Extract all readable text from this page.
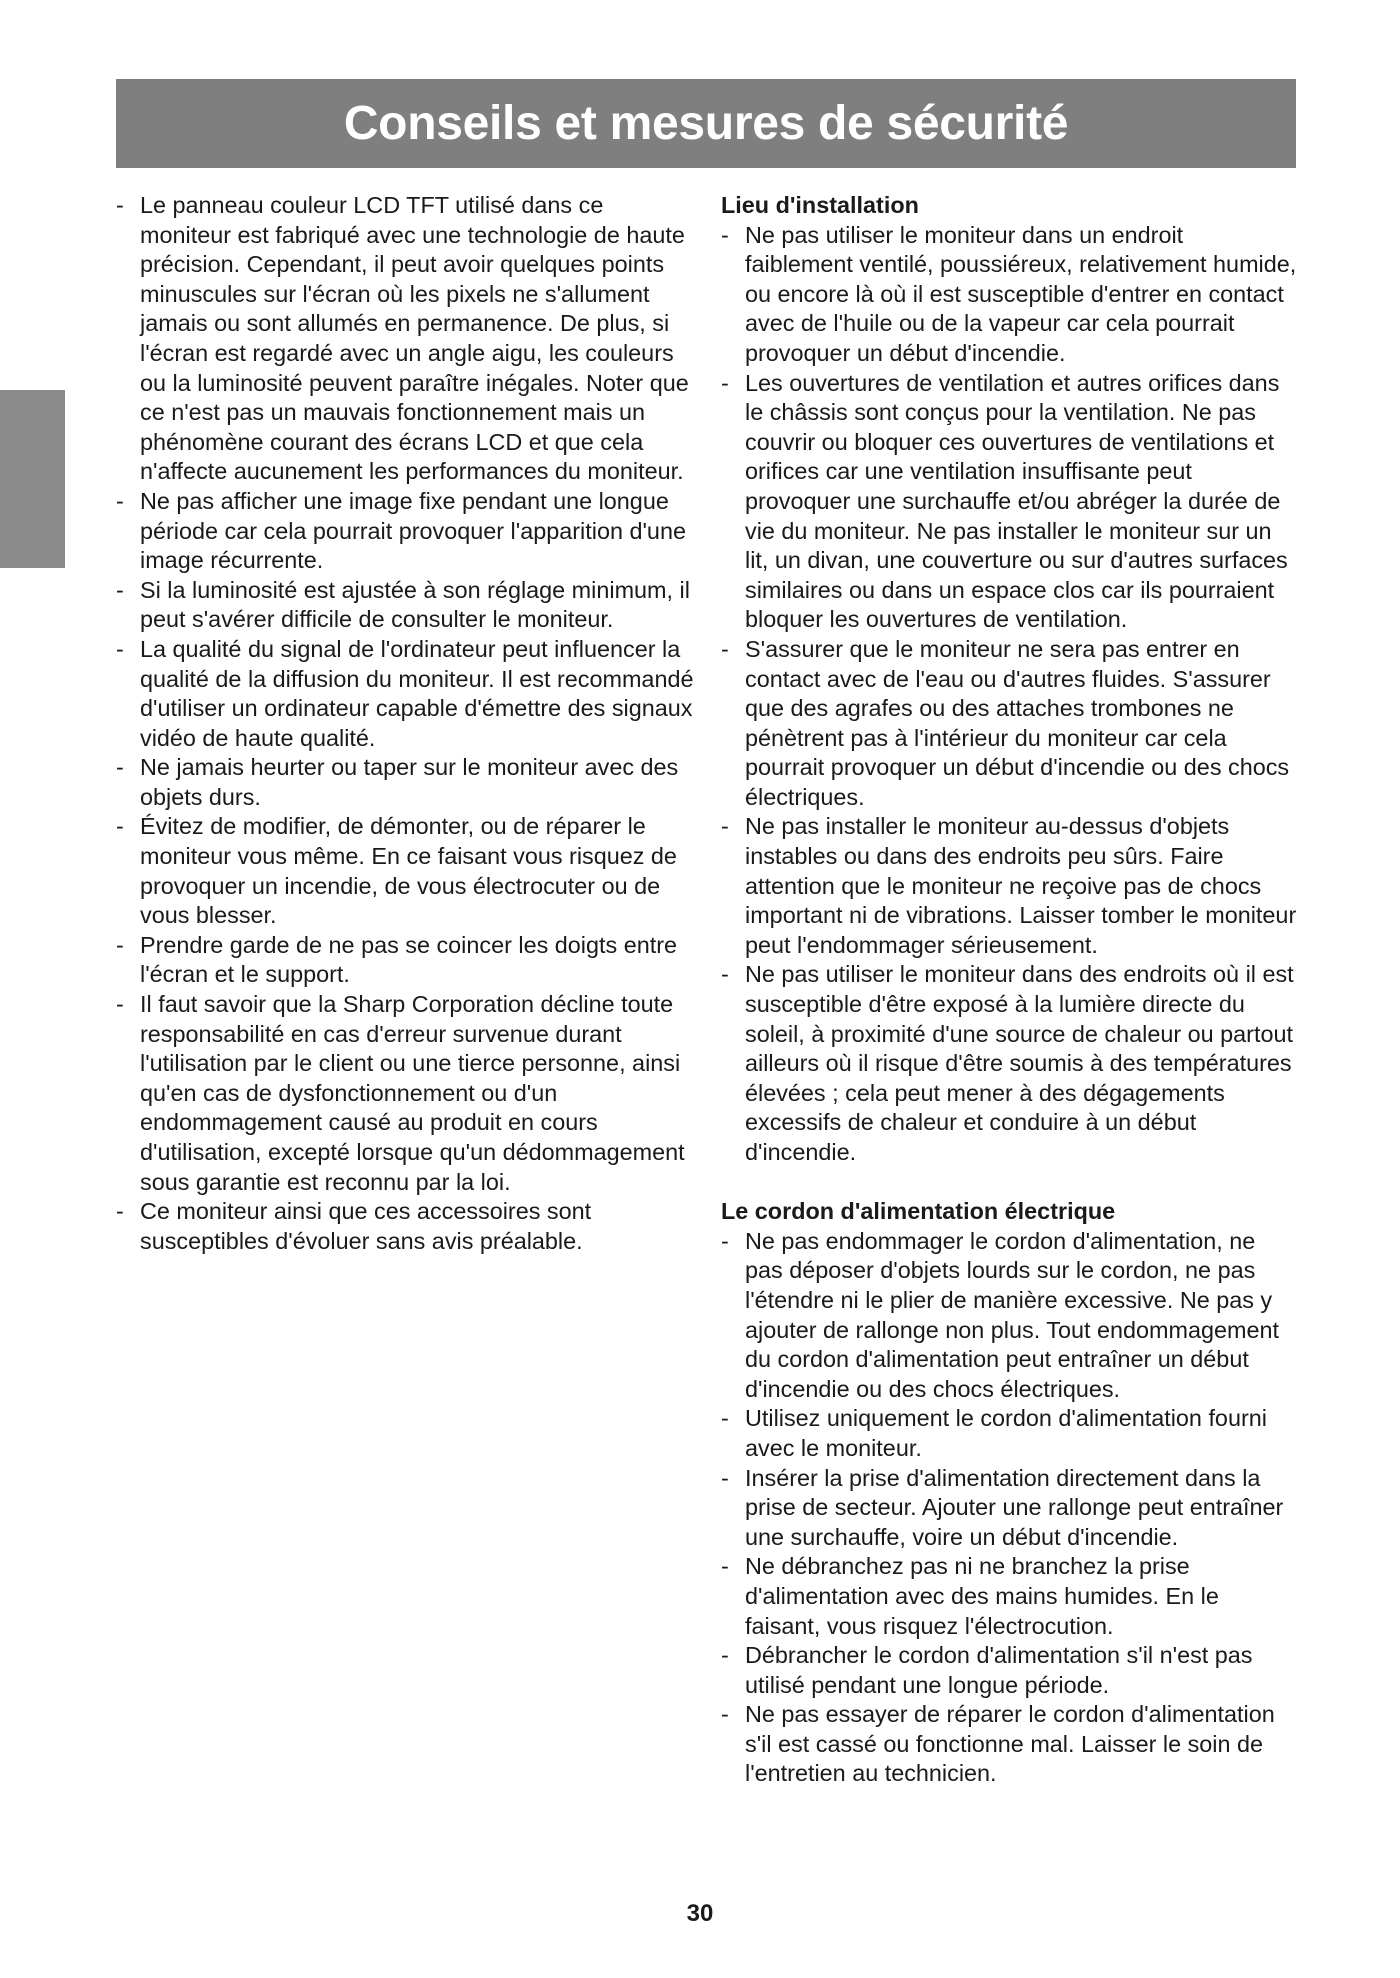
Conseils et mesures de sécurité
- Le panneau couleur LCD TFT utilisé dans ce moniteur est fabriqué avec une technologie de haute précision. Cependant, il peut avoir quelques points minuscules sur l'écran où les pixels ne s'allument jamais ou sont allumés en permanence. De plus, si l'écran est regardé avec un angle aigu, les couleurs ou la luminosité peuvent paraître inégales. Noter que ce n'est pas un mauvais fonctionnement mais un phénomène courant des écrans LCD et que cela n'affecte aucunement les performances du moniteur.
- Ne pas afficher une image fixe pendant une longue période car cela pourrait provoquer l'apparition d'une image récurrente.
- Si la luminosité est ajustée à son réglage minimum, il peut s'avérer difficile de consulter le moniteur.
- La qualité du signal de l'ordinateur peut influencer la qualité de la diffusion du moniteur. Il est recommandé d'utiliser un ordinateur capable d'émettre des signaux vidéo de haute qualité.
- Ne jamais heurter ou taper sur le moniteur avec des objets durs.
- Évitez de modifier, de démonter, ou de réparer le moniteur vous même. En ce faisant vous risquez de provoquer un incendie, de vous électrocuter ou de vous blesser.
- Prendre garde de ne pas se coincer les doigts entre l'écran et le support.
- Il faut savoir que la Sharp Corporation décline toute responsabilité en cas d'erreur survenue durant l'utilisation par le client ou une tierce personne, ainsi qu'en cas de dysfonctionnement ou d'un endommagement causé au produit en cours d'utilisation, excepté lorsque qu'un dédommagement sous garantie est reconnu par la loi.
- Ce moniteur ainsi que ces accessoires sont susceptibles d'évoluer sans avis préalable.

Lieu d'installation

- Ne pas utiliser le moniteur dans un endroit faiblement ventilé, poussiéreux, relativement humide, ou encore là où il est susceptible d'entrer en contact avec de l'huile ou de la vapeur car cela pourrait provoquer un début d'incendie.
- Les ouvertures de ventilation et autres orifices dans le châssis sont conçus pour la ventilation. Ne pas couvrir ou bloquer ces ouvertures de ventilations et orifices car une ventilation insuffisante peut provoquer une surchauffe et/ou abréger la durée de vie du moniteur. Ne pas installer le moniteur sur un lit, un divan, une couverture ou sur d'autres surfaces similaires ou dans un espace clos car ils pourraient bloquer les ouvertures de ventilation.
- S'assurer que le moniteur ne sera pas entrer en contact avec de l'eau ou d'autres fluides. S'assurer que des agrafes ou des attaches trombones ne pénètrent pas à l'intérieur du moniteur car cela pourrait provoquer un début d'incendie ou des chocs électriques.
- Ne pas installer le moniteur au-dessus d'objets instables ou dans des endroits peu sûrs. Faire attention que le moniteur ne reçoive pas de chocs important ni de vibrations. Laisser tomber le moniteur peut l'endommager sérieusement.
- Ne pas utiliser le moniteur dans des endroits où il est susceptible d'être exposé à la lumière directe du soleil, à proximité d'une source de chaleur ou partout ailleurs où il risque d'être soumis à des températures élevées ; cela peut mener à des dégagements excessifs de chaleur et conduire à un début d'incendie.

Le cordon d'alimentation électrique

- Ne pas endommager le cordon d'alimentation, ne pas déposer d'objets lourds sur le cordon, ne pas l'étendre ni le plier de manière excessive. Ne pas y ajouter de rallonge non plus. Tout endommagement du cordon d'alimentation peut entraîner un début d'incendie ou des chocs électriques.
- Utilisez uniquement le cordon d'alimentation fourni avec le moniteur.
- Insérer la prise d'alimentation directement dans la prise de secteur. Ajouter une rallonge peut entraîner une surchauffe, voire un début d'incendie.
- Ne débranchez pas ni ne branchez la prise d'alimentation avec des mains humides. En le faisant, vous risquez l'électrocution.
- Débrancher le cordon d'alimentation s'il n'est pas utilisé pendant une longue période.
- Ne pas essayer de réparer le cordon d'alimentation s'il est cassé ou fonctionne mal. Laisser le soin de l'entretien au technicien.
30
